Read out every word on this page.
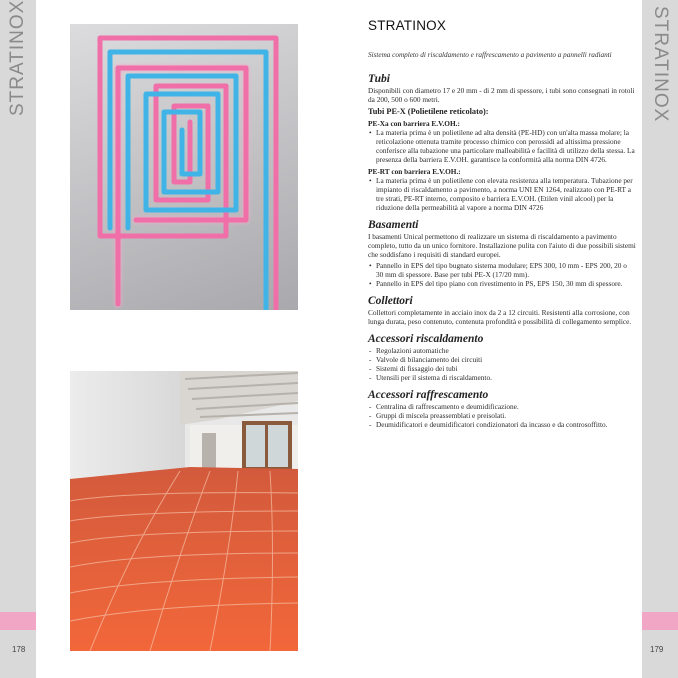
STRATINOX	STRATINOX
178	179
STRATINOX
Sistema completo di riscaldamento e raffrescamento a pavimento a pannelli radianti
Tubi

Disponibili con diametro 17 e 20 mm - di 2 mm di spessore, i tubi sono consegnati in rotoli da 200, 500 o 600 metri.

Tubi PE-X (Polietilene reticolato):
PE-Xa con barriera E.V.OH.:
• La materia prima è un polietilene ad alta densità (PE-HD) con un'alta massa molare; la reticolazione ottenuta tramite processo chimico con perossidi ad altissima pressione conferisce alla tubazione una particolare malleabilità e facilità di utilizzo della stessa. La presenza della barriera E.V.OH. garantisce la conformità alla norma DIN 4726.
PE-RT con barriera E.V.OH.:
• La materia prima è un polietilene con elevata resistenza alla temperatura. Tubazione per impianto di riscaldamento a pavimento, a norma UNI EN 1264, realizzato con PE-RT a tre strati, PE-RT interno, composito e barriera E.V.OH. (Etilen vinil alcool) per la riduzione della permeabilità al vapore a norma DIN 4726
Basamenti

I basamenti Unical permettono di realizzare un sistema di riscaldamento a pavimento completo, tutto da un unico fornitore. Installazione pulita con l'aiuto di due possibili sistemi che soddisfano i requisiti di standard europei.

• Pannello in EPS del tipo bugnato sistema modulare; EPS 300, 10 mm - EPS 200, 20 o 30 mm di spessore. Base per tubi PE-X (17/20 mm).
• Pannello in EPS del tipo piano con rivestimento in PS, EPS 150, 30 mm di spessore.
Collettori

Collettori completamente in acciaio inox da 2 a 12 circuiti. Resistenti alla corrosione, con lunga durata, peso contenuto, contenuta profondità e possibilità di collegamento semplice.

Accessori riscaldamento
- Regolazioni automatiche
- Valvole di bilanciamento dei circuiti
- Sistemi di fissaggio dei tubi
- Utensili per il sistema di riscaldamento.
Accessori raffrescamento
- Centralina di raffrescamento e deumidificazione.
- Gruppi di miscela preassemblati e preisolati.
- Deumidificatori e deumidificatori condizionatori da incasso e da controsoffitto.
